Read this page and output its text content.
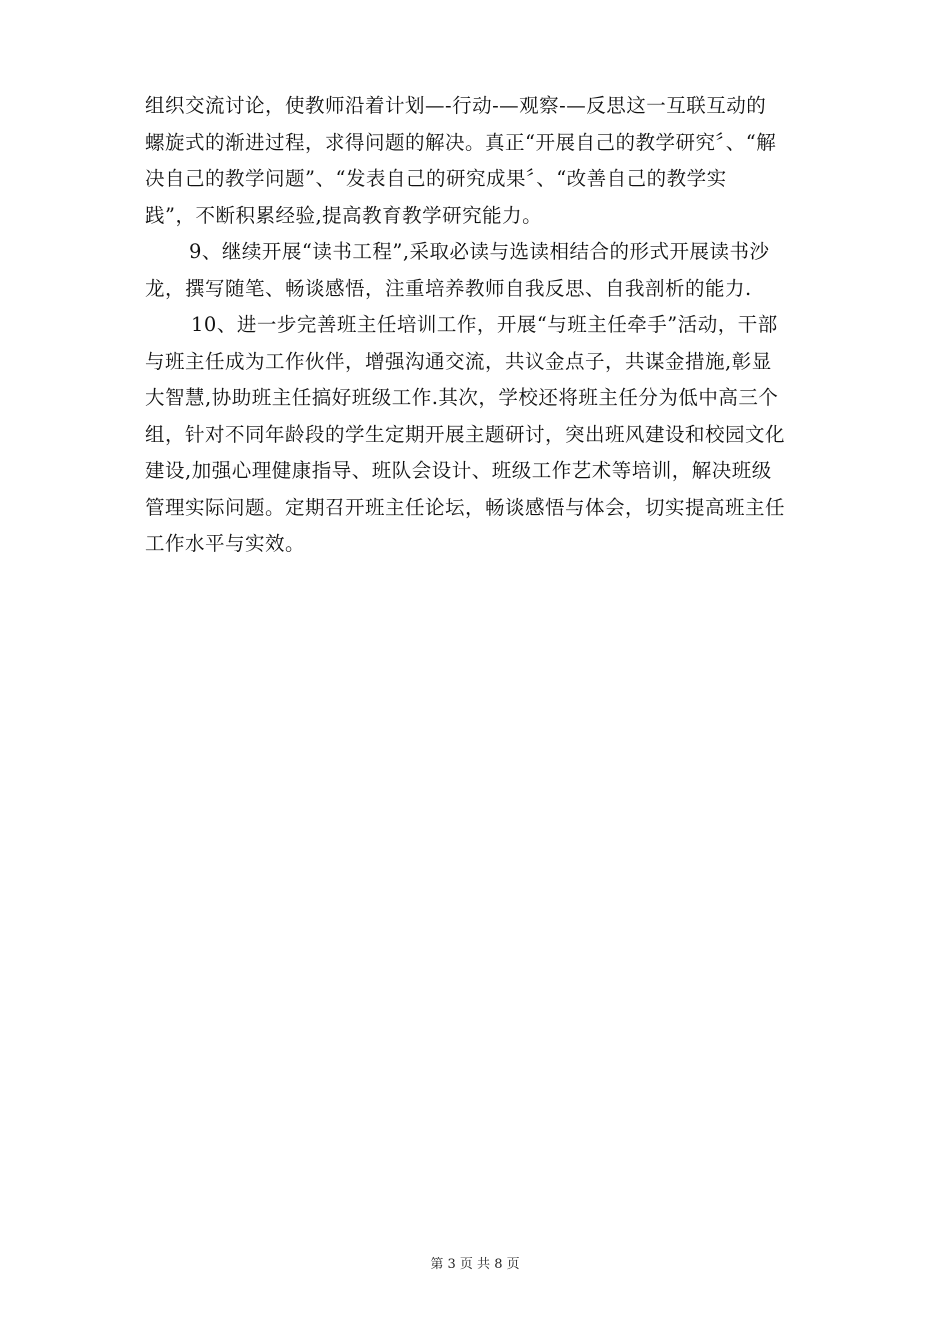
组织交流讨论，使教师沿着计划—-行动-—观察-—反思这一互联互动的
螺旋式的渐进过程，求得问题的解决。真正“开展自己的教学研究〞、“解
决自己的教学问题”、“发表自己的研究成果〞、“改善自己的教学实
践”，不断积累经验,提高教育教学研究能力。
9、继续开展“读书工程”,采取必读与选读相结合的形式开展读书沙
龙，撰写随笔、畅谈感悟，注重培养教师自我反思、自我剖析的能力.
10、进一步完善班主任培训工作，开展“与班主任牵手”活动，干部
与班主任成为工作伙伴，增强沟通交流，共议金点子，共谋金措施,彰显
大智慧,协助班主任搞好班级工作.其次，学校还将班主任分为低中高三个
组，针对不同年龄段的学生定期开展主题研讨，突出班风建设和校园文化
建设,加强心理健康指导、班队会设计、班级工作艺术等培训，解决班级
管理实际问题。定期召开班主任论坛，畅谈感悟与体会，切实提高班主任
工作水平与实效。
第 3 页 共 8 页
